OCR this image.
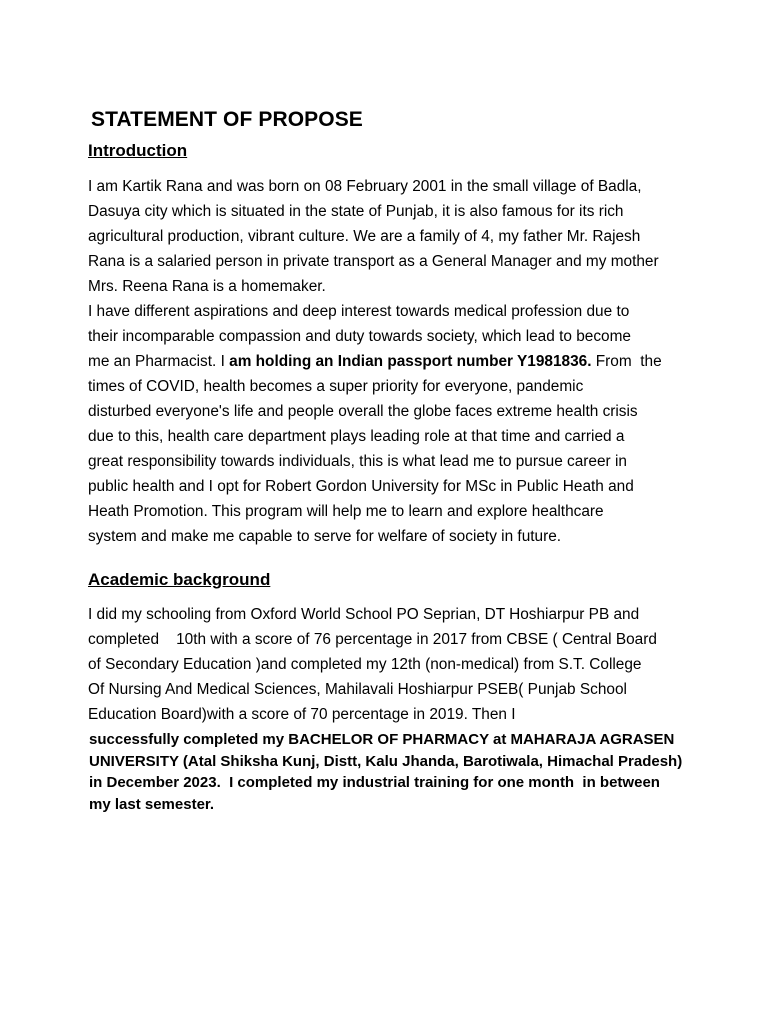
STATEMENT OF PROPOSE
Introduction
I am Kartik Rana and was born on 08 February 2001 in the small village of Badla,
Dasuya city which is situated in the state of Punjab, it is also famous for its rich
agricultural production, vibrant culture. We are a family of 4, my father Mr. Rajesh
Rana is a salaried person in private transport as a General Manager and my mother
Mrs. Reena Rana is a homemaker.
I have different aspirations and deep interest towards medical profession due to
their incomparable compassion and duty towards society, which lead to become
me an Pharmacist. I am holding an Indian passport number Y1981836. From  the
times of COVID, health becomes a super priority for everyone, pandemic
disturbed everyone's life and people overall the globe faces extreme health crisis
due to this, health care department plays leading role at that time and carried a
great responsibility towards individuals, this is what lead me to pursue career in
public health and I opt for Robert Gordon University for MSc in Public Heath and
Heath Promotion. This program will help me to learn and explore healthcare
system and make me capable to serve for welfare of society in future.
Academic background
I did my schooling from Oxford World School PO Seprian, DT Hoshiarpur PB and
completed    10th with a score of 76 percentage in 2017 from CBSE ( Central Board
of Secondary Education )and completed my 12th (non-medical) from S.T. College
Of Nursing And Medical Sciences, Mahilavali Hoshiarpur PSEB( Punjab School
Education Board)with a score of 70 percentage in 2019. Then I
successfully completed my BACHELOR OF PHARMACY at MAHARAJA AGRASEN
UNIVERSITY (Atal Shiksha Kunj, Distt, Kalu Jhanda, Barotiwala, Himachal Pradesh)
in December 2023.  I completed my industrial training for one month  in between
my last semester.
